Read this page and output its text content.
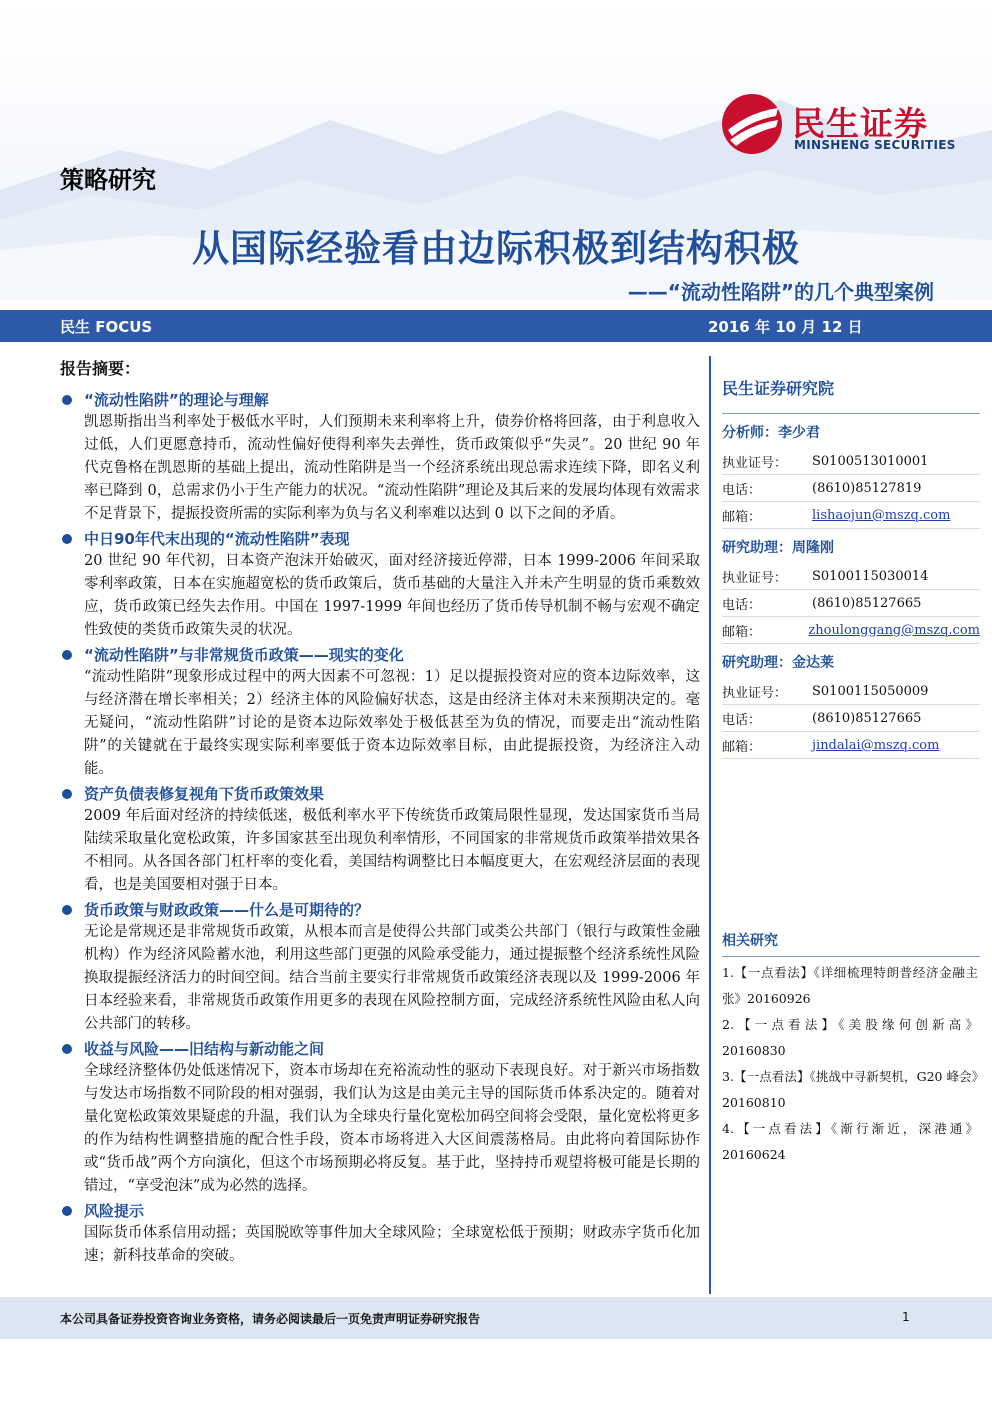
民生证券
MINSHENG SECURITIES
策略研究
从国际经验看由边际积极到结构积极
——“流动性陷阱”的几个典型案例
民生 FOCUS	2016 年 10 月 12 日
报告摘要：
“流动性陷阱”的理论与理解
凯恩斯指出当利率处于极低水平时，人们预期未来利率将上升，债券价格将回落，由于利息收入过低，人们更愿意持币，流动性偏好使得利率失去弹性，货币政策似乎“失灵”。20 世纪 90 年代克鲁格在凯恩斯的基础上提出，流动性陷阱是当一个经济系统出现总需求连续下降，即名义利率已降到 0，总需求仍小于生产能力的状况。“流动性陷阱”理论及其后来的发展均体现有效需求不足背景下，提振投资所需的实际利率为负与名义利率难以达到 0 以下之间的矛盾。
中日90年代末出现的“流动性陷阱”表现
20 世纪 90 年代初，日本资产泡沫开始破灭，面对经济接近停滞，日本 1999-2006 年间采取零利率政策，日本在实施超宽松的货币政策后，货币基础的大量注入并未产生明显的货币乘数效应，货币政策已经失去作用。中国在 1997-1999 年间也经历了货币传导机制不畅与宏观不确定性致使的类货币政策失灵的状况。
“流动性陷阱”与非常规货币政策——现实的变化
“流动性陷阱”现象形成过程中的两大因素不可忽视：1）足以提振投资对应的资本边际效率，这与经济潜在增长率相关；2）经济主体的风险偏好状态，这是由经济主体对未来预期决定的。毫无疑问，“流动性陷阱”讨论的是资本边际效率处于极低甚至为负的情况，而要走出“流动性陷阱”的关键就在于最终实现实际利率要低于资本边际效率目标，由此提振投资，为经济注入动能。
资产负债表修复视角下货币政策效果
2009 年后面对经济的持续低迷，极低利率水平下传统货币政策局限性显现，发达国家货币当局陆续采取量化宽松政策，许多国家甚至出现负利率情形，不同国家的非常规货币政策举措效果各不相同。从各国各部门杠杆率的变化看，美国结构调整比日本幅度更大，在宏观经济层面的表现看，也是美国要相对强于日本。
货币政策与财政政策——什么是可期待的？
无论是常规还是非常规货币政策，从根本而言是使得公共部门或类公共部门（银行与政策性金融机构）作为经济风险蓄水池，利用这些部门更强的风险承受能力，通过提振整个经济系统性风险换取提振经济活力的时间空间。结合当前主要实行非常规货币政策经济表现以及 1999-2006 年日本经验来看，非常规货币政策作用更多的表现在风险控制方面，完成经济系统性风险由私人向公共部门的转移。
收益与风险——旧结构与新动能之间
全球经济整体仍处低迷情况下，资本市场却在充裕流动性的驱动下表现良好。对于新兴市场指数与发达市场指数不同阶段的相对强弱，我们认为这是由美元主导的国际货币体系决定的。随着对量化宽松政策效果疑虑的升温，我们认为全球央行量化宽松加码空间将会受限，量化宽松将更多的作为结构性调整措施的配合性手段，资本市场将进入大区间震荡格局。由此将向着国际协作或“货币战”两个方向演化，但这个市场预期必将反复。基于此，坚持持币观望将极可能是长期的错过，“享受泡沫”成为必然的选择。
风险提示
国际货币体系信用动摇；英国脱欧等事件加大全球风险；全球宽松低于预期；财政赤字货币化加速；新科技革命的突破。
民生证券研究院
分析师：李少君
执业证号：	S0100513010001
电话：	(8610)85127819
邮箱：	lishaojun@mszq.com
研究助理：周隆刚
执业证号：	S0100115030014
电话：	(8610)85127665
邮箱：	zhoulonggang@mszq.com
研究助理：金达莱
执业证号：	S0100115050009
电话：	(8610)85127665
邮箱：	jindalai@mszq.com
相关研究
1.【一点看法】《详细梳理特朗普经济金融主张》20160926
2.【一点看法】《美股缘何创新高》20160830
3.【一点看法】《挑战中寻新契机，G20 峰会》20160810
4.【一点看法】《渐行渐近，深港通》20160624
本公司具备证券投资咨询业务资格，请务必阅读最后一页免责声明证券研究报告	1
